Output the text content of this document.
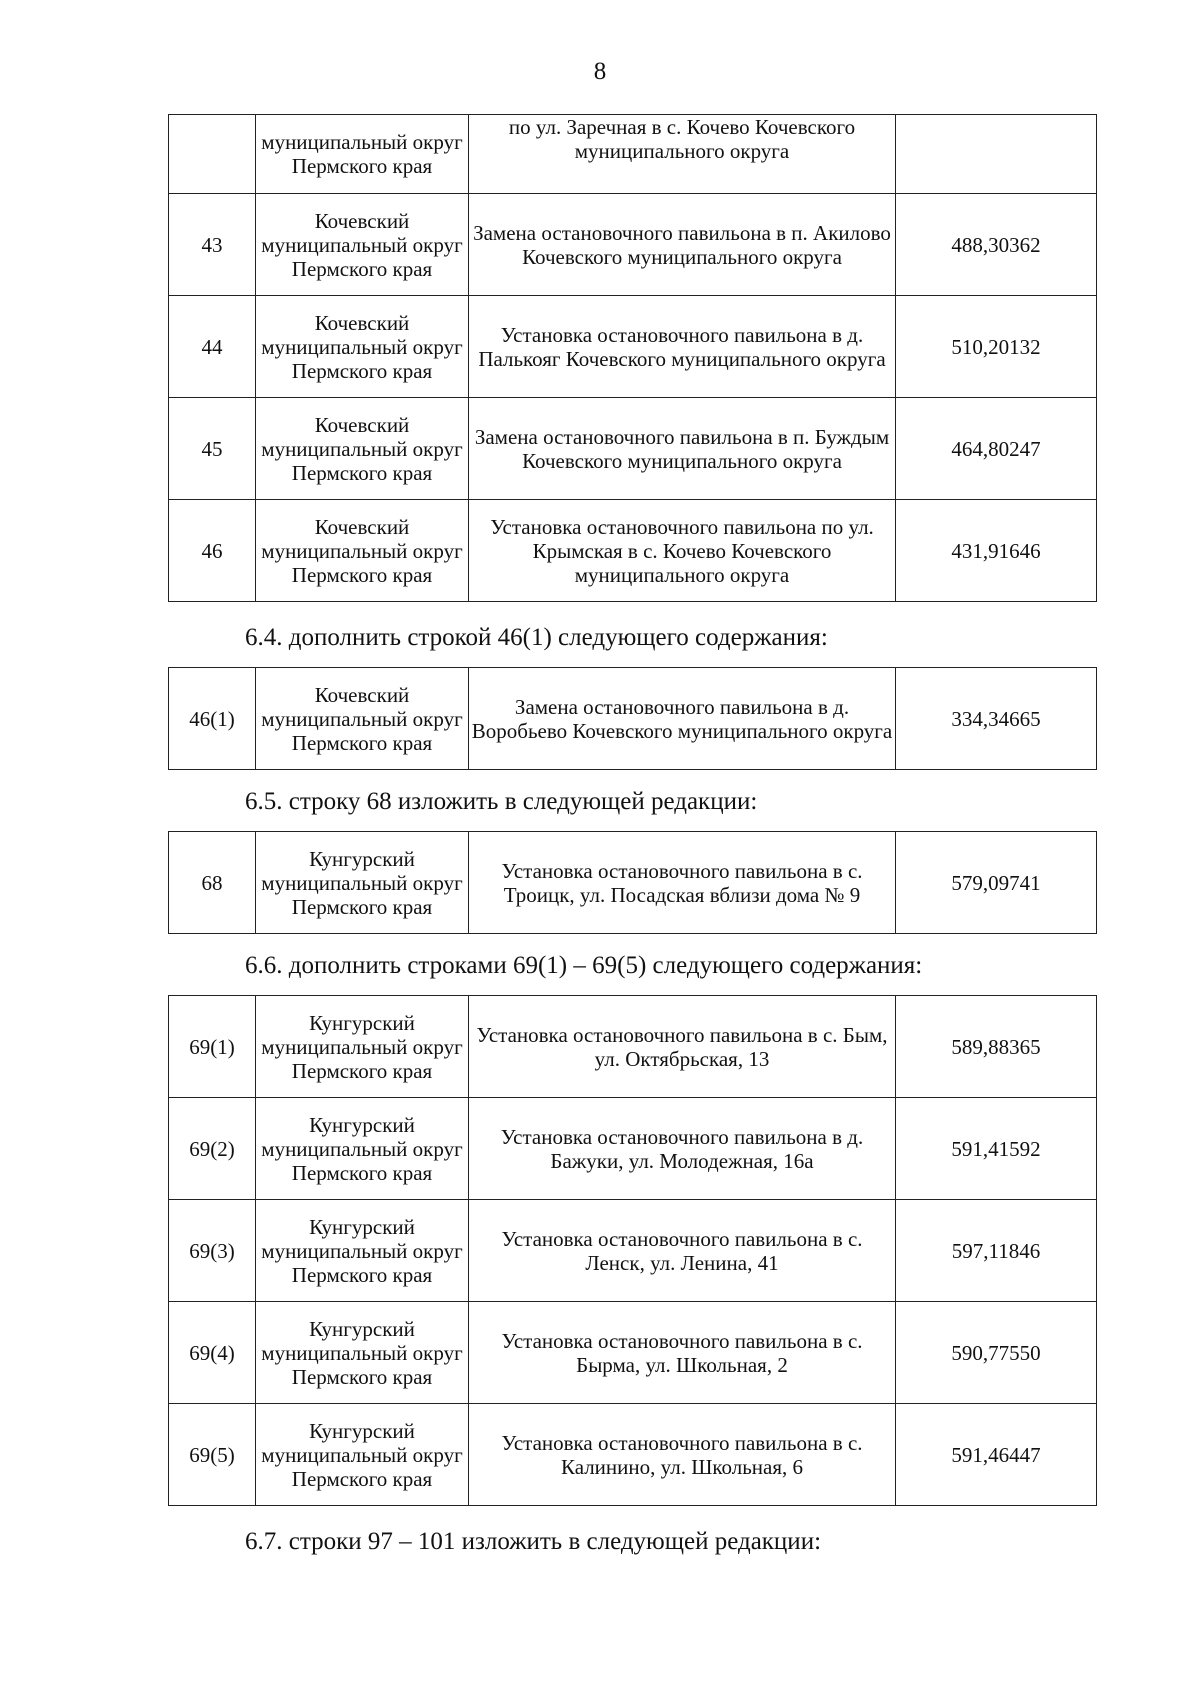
8
	муниципальный округ Пермского края	по ул. Заречная в с. Кочево Кочевского муниципального округа	
43	Кочевский муниципальный округ Пермского края	Замена остановочного павильона в п. Акилово Кочевского муниципального округа	488,30362
44	Кочевский муниципальный округ Пермского края	Установка остановочного павильона в д. Палькояг Кочевского муниципального округа	510,20132
45	Кочевский муниципальный округ Пермского края	Замена остановочного павильона в п. Буждым Кочевского муниципального округа	464,80247
46	Кочевский муниципальный округ Пермского края	Установка остановочного павильона по ул. Крымская в с. Кочево Кочевского муниципального округа	431,91646
6.4. дополнить строкой 46(1) следующего содержания:
46(1)	Кочевский муниципальный округ Пермского края	Замена остановочного павильона в д. Воробьево Кочевского муниципального округа	334,34665
6.5. строку 68 изложить в следующей редакции:
68	Кунгурский муниципальный округ Пермского края	Установка остановочного павильона в с. Троицк, ул. Посадская вблизи дома № 9	579,09741
6.6. дополнить строками 69(1) – 69(5) следующего содержания:
69(1)	Кунгурский муниципальный округ Пермского края	Установка остановочного павильона в с. Бым, ул. Октябрьская, 13	589,88365
69(2)	Кунгурский муниципальный округ Пермского края	Установка остановочного павильона в д. Бажуки, ул. Молодежная, 16а	591,41592
69(3)	Кунгурский муниципальный округ Пермского края	Установка остановочного павильона в с. Ленск, ул. Ленина, 41	597,11846
69(4)	Кунгурский муниципальный округ Пермского края	Установка остановочного павильона в с. Бырма, ул. Школьная, 2	590,77550
69(5)	Кунгурский муниципальный округ Пермского края	Установка остановочного павильона в с. Калинино, ул. Школьная, 6	591,46447
6.7. строки 97 – 101 изложить в следующей редакции:
